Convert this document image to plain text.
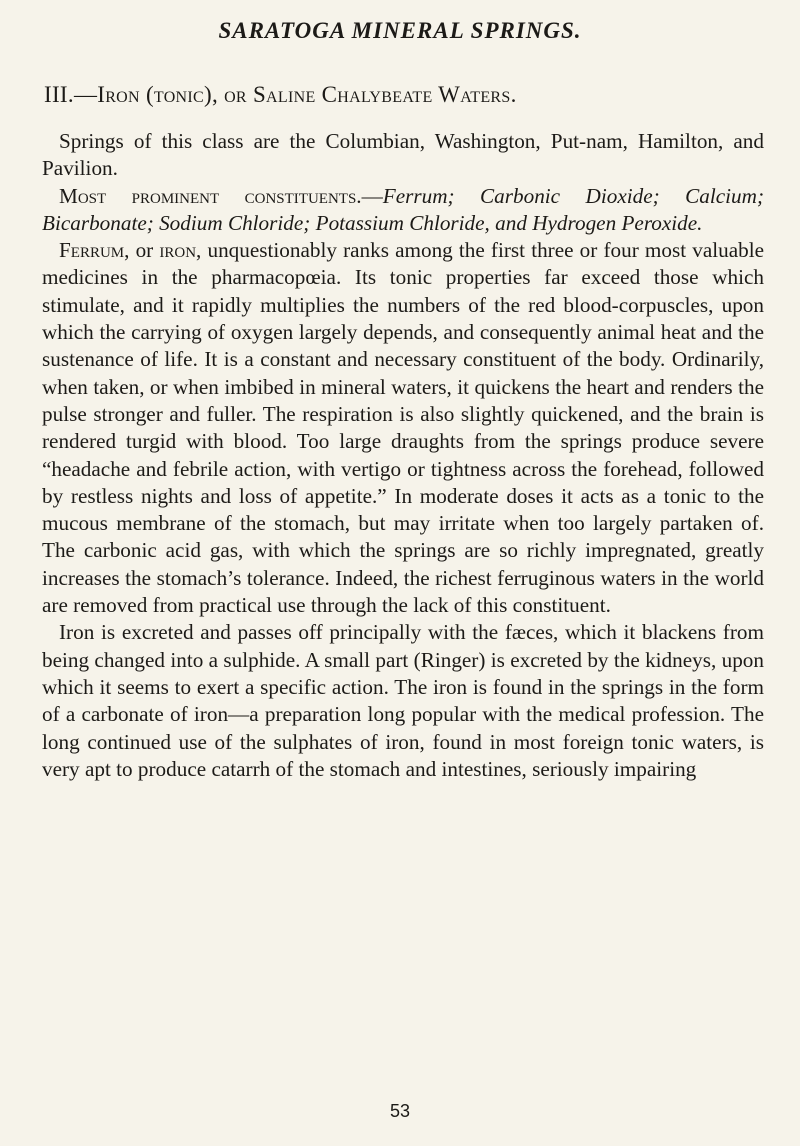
SARATOGA MINERAL SPRINGS.
III.—Iron (tonic), or Saline Chalybeate Waters.

Springs of this class are the Columbian, Washington, Put-nam, Hamilton, and Pavilion.

Most prominent constituents.—Ferrum; Carbonic Dioxide; Calcium; Bicarbonate; Sodium Chloride; Potassium Chloride, and Hydrogen Peroxide.

Ferrum, or iron, unquestionably ranks among the first three or four most valuable medicines in the pharmacopœia. Its tonic properties far exceed those which stimulate, and it rapidly multiplies the numbers of the red blood-corpuscles, upon which the carrying of oxygen largely depends, and consequently animal heat and the sustenance of life. It is a constant and necessary constituent of the body. Ordinarily, when taken, or when imbibed in mineral waters, it quickens the heart and renders the pulse stronger and fuller. The respiration is also slightly quickened, and the brain is rendered turgid with blood. Too large draughts from the springs produce severe “headache and febrile action, with vertigo or tightness across the forehead, followed by restless nights and loss of appetite.” In moderate doses it acts as a tonic to the mucous membrane of the stomach, but may irritate when too largely partaken of. The carbonic acid gas, with which the springs are so richly impregnated, greatly increases the stomach’s tolerance. Indeed, the richest ferruginous waters in the world are removed from practical use through the lack of this constituent.

Iron is excreted and passes off principally with the fæces, which it blackens from being changed into a sulphide. A small part (Ringer) is excreted by the kidneys, upon which it seems to exert a specific action. The iron is found in the springs in the form of a carbonate of iron—a preparation long popular with the medical profession. The long continued use of the sulphates of iron, found in most foreign tonic waters, is very apt to produce catarrh of the stomach and intestines, seriously impairing

53
